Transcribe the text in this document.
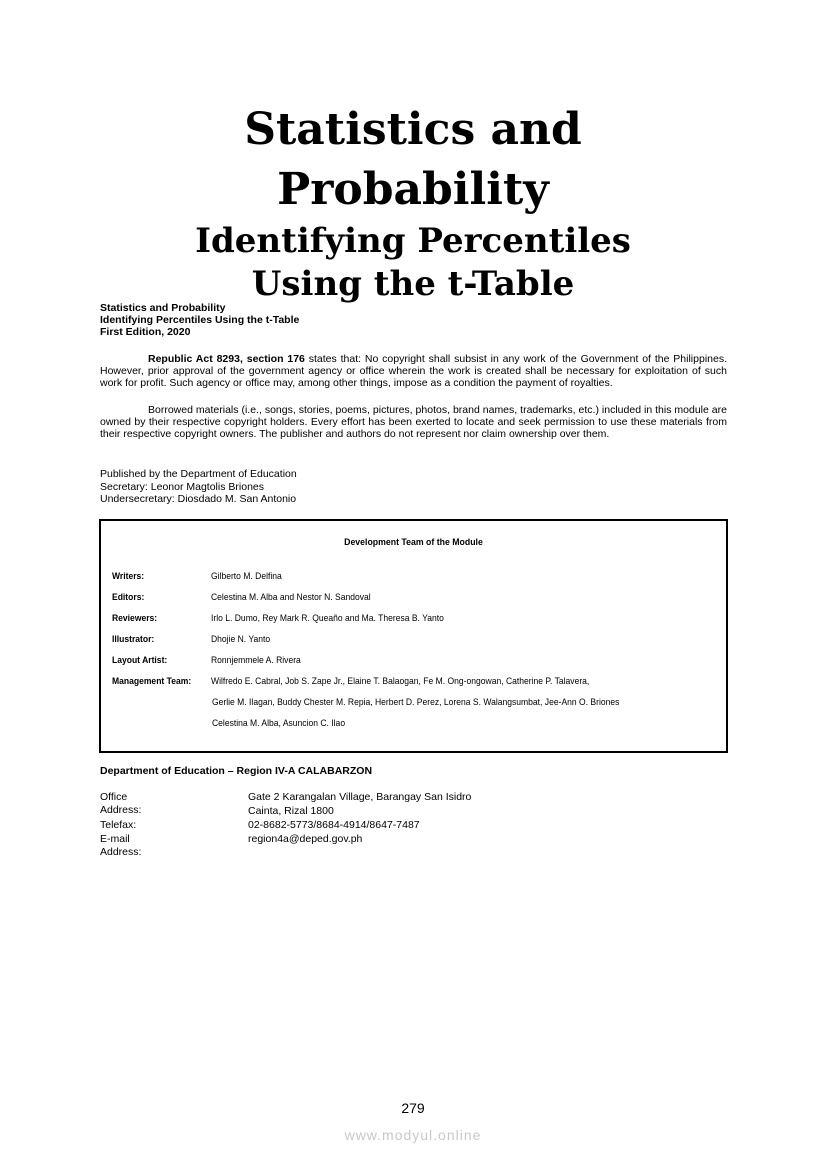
Statistics and
Probability
Identifying Percentiles
Using the t-Table
Statistics and Probability
Identifying Percentiles Using the t-Table
First Edition, 2020
Republic Act 8293, section 176 states that: No copyright shall subsist in any work of the Government of the Philippines. However, prior approval of the government agency or office wherein the work is created shall be necessary for exploitation of such work for profit. Such agency or office may, among other things, impose as a condition the payment of royalties.
Borrowed materials (i.e., songs, stories, poems, pictures, photos, brand names, trademarks, etc.) included in this module are owned by their respective copyright holders. Every effort has been exerted to locate and seek permission to use these materials from their respective copyright owners. The publisher and authors do not represent nor claim ownership over them.
Published by the Department of Education
Secretary: Leonor Magtolis Briones
Undersecretary: Diosdado M. San Antonio
Development Team of the Module
Writers:	Gilberto M. Delfina
Editors:	Celestina M. Alba and Nestor N. Sandoval
Reviewers:	Irlo L. Dumo, Rey Mark R. Queaño and Ma. Theresa B. Yanto
Illustrator:	Dhojie N. Yanto
Layout Artist:	Ronnjemmele A. Rivera
Management Team: Wilfredo E. Cabral, Job S. Zape Jr., Elaine T. Balaogan, Fe M. Ong-ongowan, Catherine P. Talavera,
Gerlie M. Ilagan, Buddy Chester M. Repia, Herbert D. Perez, Lorena S. Walangsumbat, Jee-Ann O. Briones
Celestina M. Alba, Asuncion C. Ilao
Department of Education – Region IV-A CALABARZON
Office Address:
Gate 2 Karangalan Village, Barangay San Isidro
Cainta, Rizal 1800
Telefax:	02-8682-5773/8684-4914/8647-7487
E-mail Address:
region4a@deped.gov.ph
279
www.modyul.online
